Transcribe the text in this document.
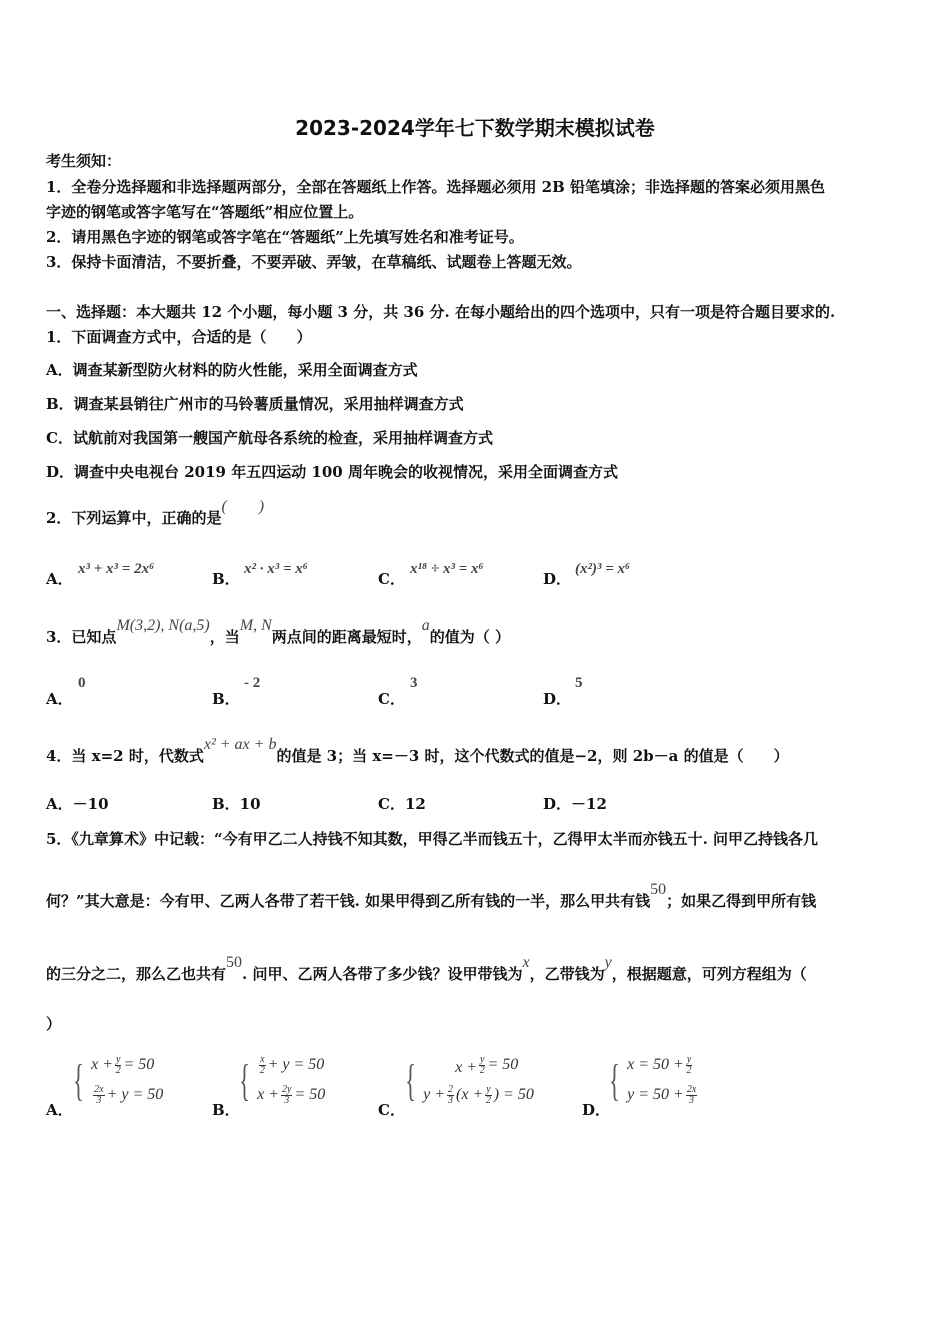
2023-2024学年七下数学期末模拟试卷
考生须知：
1．全卷分选择题和非选择题两部分，全部在答题纸上作答。选择题必须用 2B 铅笔填涂；非选择题的答案必须用黑色
字迹的钢笔或答字笔写在“答题纸”相应位置上。
2．请用黑色字迹的钢笔或答字笔在“答题纸”上先填写姓名和准考证号。
3．保持卡面清洁，不要折叠，不要弄破、弄皱，在草稿纸、试题卷上答题无效。
一、选择题：本大题共 12 个小题，每小题 3 分，共 36 分. 在每小题给出的四个选项中，只有一项是符合题目要求的.
1．下面调查方式中，合适的是（　　）
A．调查某新型防火材料的防火性能，采用全面调查方式
B．调查某县销往广州市的马铃薯质量情况，采用抽样调查方式
C．试航前对我国第一艘国产航母各系统的检查，采用抽样调查方式
D．调查中央电视台 2019 年五四运动 100 周年晚会的收视情况，采用全面调查方式
2．下列运算中，正确的是(　　)
A．
x³ + x³ = 2x⁶
B．
x² · x³ = x⁶
C．
x¹⁸ ÷ x³ = x⁶
D．
(x²)³ = x⁶
3．已知点M(3,2), N(a,5)，当M, N两点间的距离最短时，a的值为（ ）
A．
0
B．
- 2
C．
3
D．
5
4．当 x=2 时，代数式x² + ax + b的值是 3；当 x=－3 时，这个代数式的值是−2，则 2b－a 的值是（　　）
A．－10	B．10	C．12	D．－12
5．《九章算术》中记载：“今有甲乙二人持钱不知其数，甲得乙半而钱五十，乙得甲太半而亦钱五十. 问甲乙持钱各几
何？”其大意是：今有甲、乙两人各带了若干钱. 如果甲得到乙所有钱的一半，那么甲共有钱50；如果乙得到甲所有钱
的三分之二，那么乙也共有50. 问甲、乙两人各带了多少钱？设甲带钱为x，乙带钱为y，根据题意，可列方程组为（
）
A．
{ $x + \frac{y}{2} = 50$
$\frac{2x}{3} + y = 50$
B．
{ $\frac{x}{2} + y = 50$
$x + \frac{2y}{3} = 50$
C．
{ 　　$x + \frac{y}{2} = 50$
$y + \frac{2}{3} (x + \frac{y}{2}$ ) = 50
D．
{ $x = 50 + \frac{y}{2}$
$y = 50 + \frac{2x}{3}$
